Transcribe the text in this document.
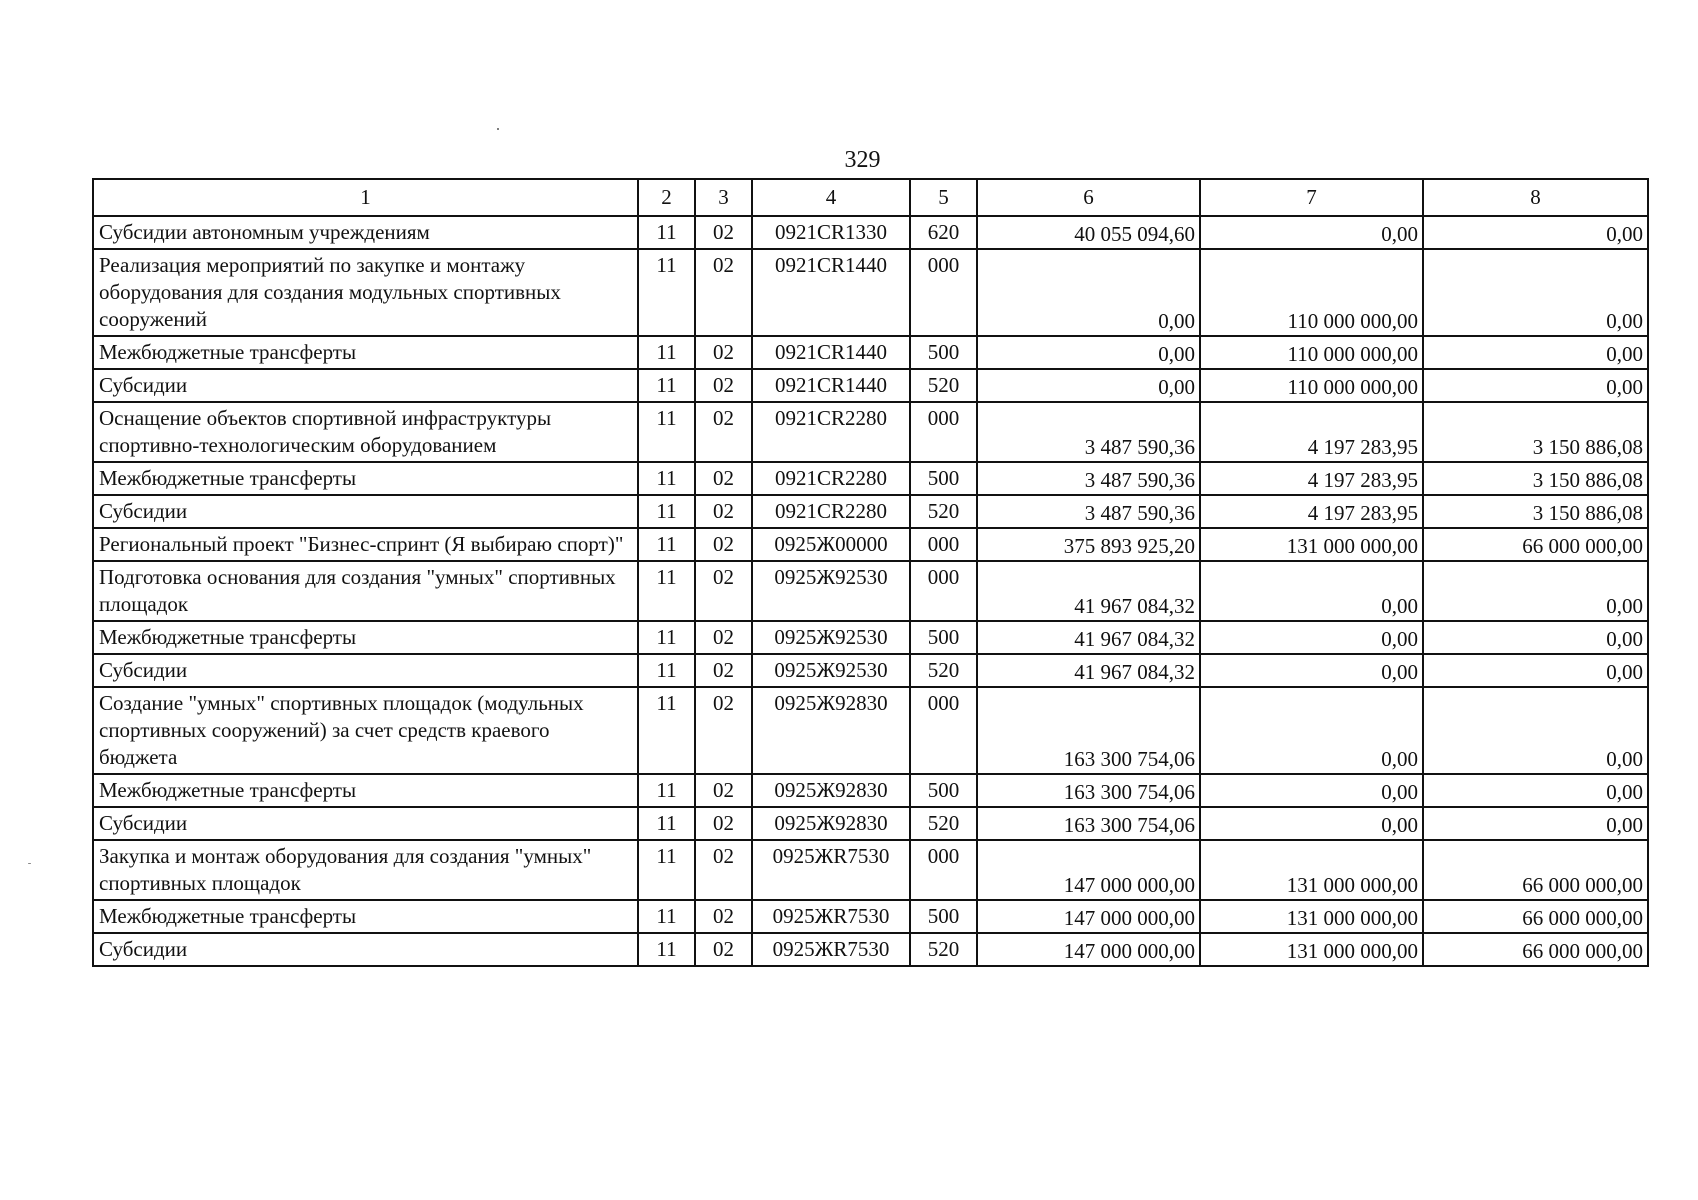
329
1	2	3	4	5	6	7	8
Субсидии автономным учреждениям	11	02	0921CR1330	620	40 055 094,60	0,00	0,00
Реализация мероприятий по закупке и монтажу оборудования для создания модульных спортивных сооружений	11	02	0921CR1440	000	0,00	110 000 000,00	0,00
Межбюджетные трансферты	11	02	0921CR1440	500	0,00	110 000 000,00	0,00
Субсидии	11	02	0921CR1440	520	0,00	110 000 000,00	0,00
Оснащение объектов спортивной инфраструктуры спортивно-технологическим оборудованием	11	02	0921CR2280	000	3 487 590,36	4 197 283,95	3 150 886,08
Межбюджетные трансферты	11	02	0921CR2280	500	3 487 590,36	4 197 283,95	3 150 886,08
Субсидии	11	02	0921CR2280	520	3 487 590,36	4 197 283,95	3 150 886,08
Региональный проект "Бизнес-спринт (Я выбираю спорт)"	11	02	0925Ж00000	000	375 893 925,20	131 000 000,00	66 000 000,00
Подготовка основания для создания "умных" спортивных площадок	11	02	0925Ж92530	000	41 967 084,32	0,00	0,00
Межбюджетные трансферты	11	02	0925Ж92530	500	41 967 084,32	0,00	0,00
Субсидии	11	02	0925Ж92530	520	41 967 084,32	0,00	0,00
Создание "умных" спортивных площадок (модульных спортивных сооружений) за счет средств краевого бюджета	11	02	0925Ж92830	000	163 300 754,06	0,00	0,00
Межбюджетные трансферты	11	02	0925Ж92830	500	163 300 754,06	0,00	0,00
Субсидии	11	02	0925Ж92830	520	163 300 754,06	0,00	0,00
Закупка и монтаж оборудования для создания "умных" спортивных площадок	11	02	0925ЖR7530	000	147 000 000,00	131 000 000,00	66 000 000,00
Межбюджетные трансферты	11	02	0925ЖR7530	500	147 000 000,00	131 000 000,00	66 000 000,00
Субсидии	11	02	0925ЖR7530	520	147 000 000,00	131 000 000,00	66 000 000,00
